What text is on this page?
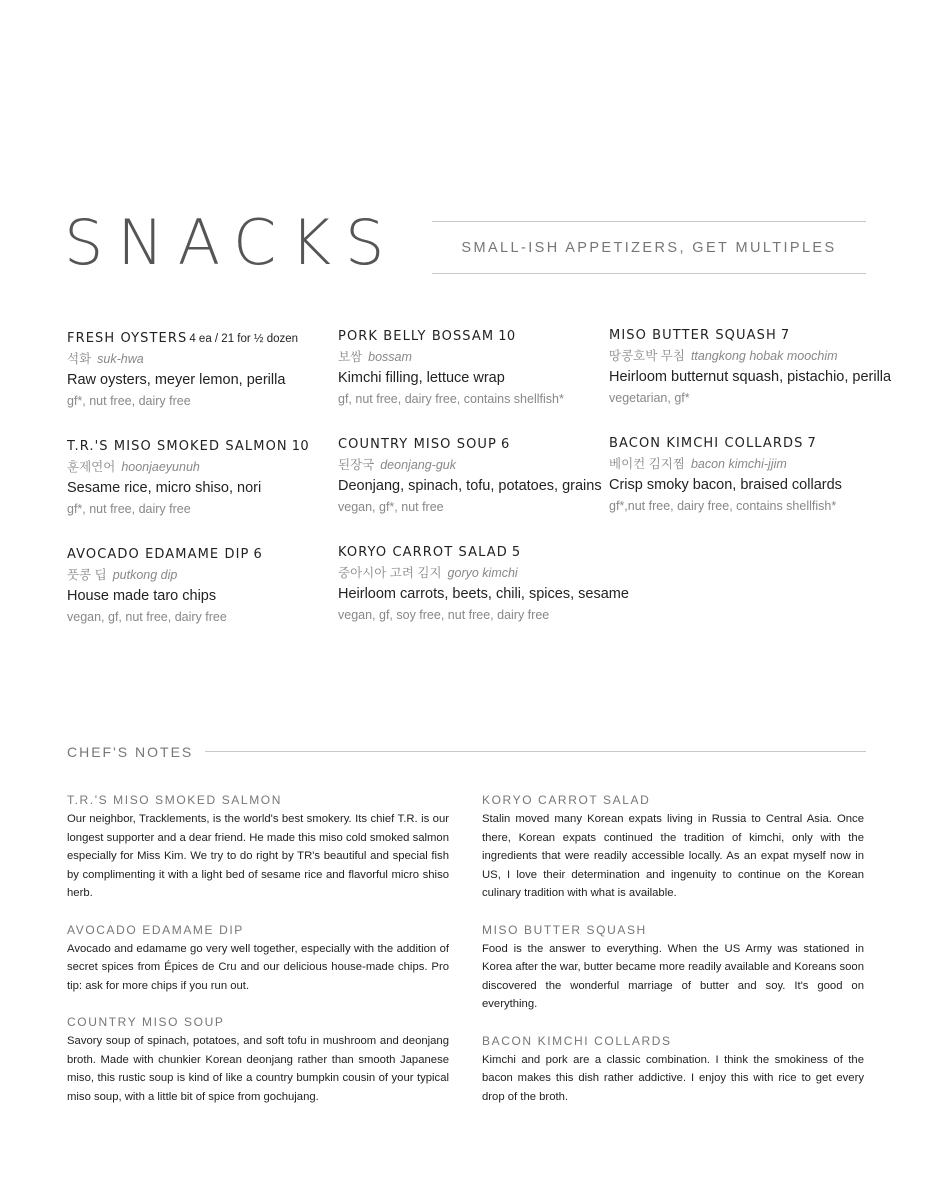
SNACKS	SMALL-ISH APPETIZERS, GET MULTIPLES
FRESH OYSTERS 4 ea / 21 for ½ dozen
석화 suk-hwa
Raw oysters, meyer lemon, perilla
gf*, nut free, dairy free
T.R.'S MISO SMOKED SALMON 10
훈제연어 hoonjaeyunuh
Sesame rice, micro shiso, nori
gf*, nut free, dairy free
AVOCADO EDAMAME DIP 6
풋콩 딥 putkong dip
House made taro chips
vegan, gf, nut free, dairy free
PORK BELLY BOSSAM 10
보쌈 bossam
Kimchi filling, lettuce wrap
gf, nut free, dairy free, contains shellfish*
COUNTRY MISO SOUP 6
된장국 deonjang-guk
Deonjang, spinach, tofu, potatoes, grains
vegan, gf*, nut free
KORYO CARROT SALAD 5
중아시아 고려 김지 goryo kimchi
Heirloom carrots, beets, chili, spices, sesame
vegan, gf, soy free, nut free, dairy free
MISO BUTTER SQUASH 7
땅콩호박 무침 ttangkong hobak moochim
Heirloom butternut squash, pistachio, perilla
vegetarian, gf*
BACON KIMCHI COLLARDS 7
베이컨 김지찜 bacon kimchi-jjim
Crisp smoky bacon, braised collards
gf*,nut free, dairy free, contains shellfish*
CHEF'S NOTES
T.R.'S MISO SMOKED SALMON
Our neighbor, Tracklements, is the world's best smokery. Its chief T.R. is our longest supporter and a dear friend. He made this miso cold smoked salmon especially for Miss Kim. We try to do right by TR's beautiful and special fish by complimenting it with a light bed of sesame rice and flavorful micro shiso herb.
AVOCADO EDAMAME DIP
Avocado and edamame go very well together, especially with the addition of secret spices from Épices de Cru and our delicious house-made chips. Pro tip: ask for more chips if you run out.
COUNTRY MISO SOUP
Savory soup of spinach, potatoes, and soft tofu in mushroom and deonjang broth. Made with chunkier Korean deonjang rather than smooth Japanese miso, this rustic soup is kind of like a country bumpkin cousin of your typical miso soup, with a little bit of spice from gochujang.
KORYO CARROT SALAD
Stalin moved many Korean expats living in Russia to Central Asia. Once there, Korean expats continued the tradition of kimchi, only with the ingredients that were readily accessible locally. As an expat myself now in US, I love their determination and ingenuity to continue on the Korean culinary tradition with what is available.
MISO BUTTER SQUASH
Food is the answer to everything. When the US Army was stationed in Korea after the war, butter became more readily available and Koreans soon discovered the wonderful marriage of butter and soy. It's good on everything.
BACON KIMCHI COLLARDS
Kimchi and pork are a classic combination. I think the smokiness of the bacon makes this dish rather addictive. I enjoy this with rice to get every drop of the broth.
